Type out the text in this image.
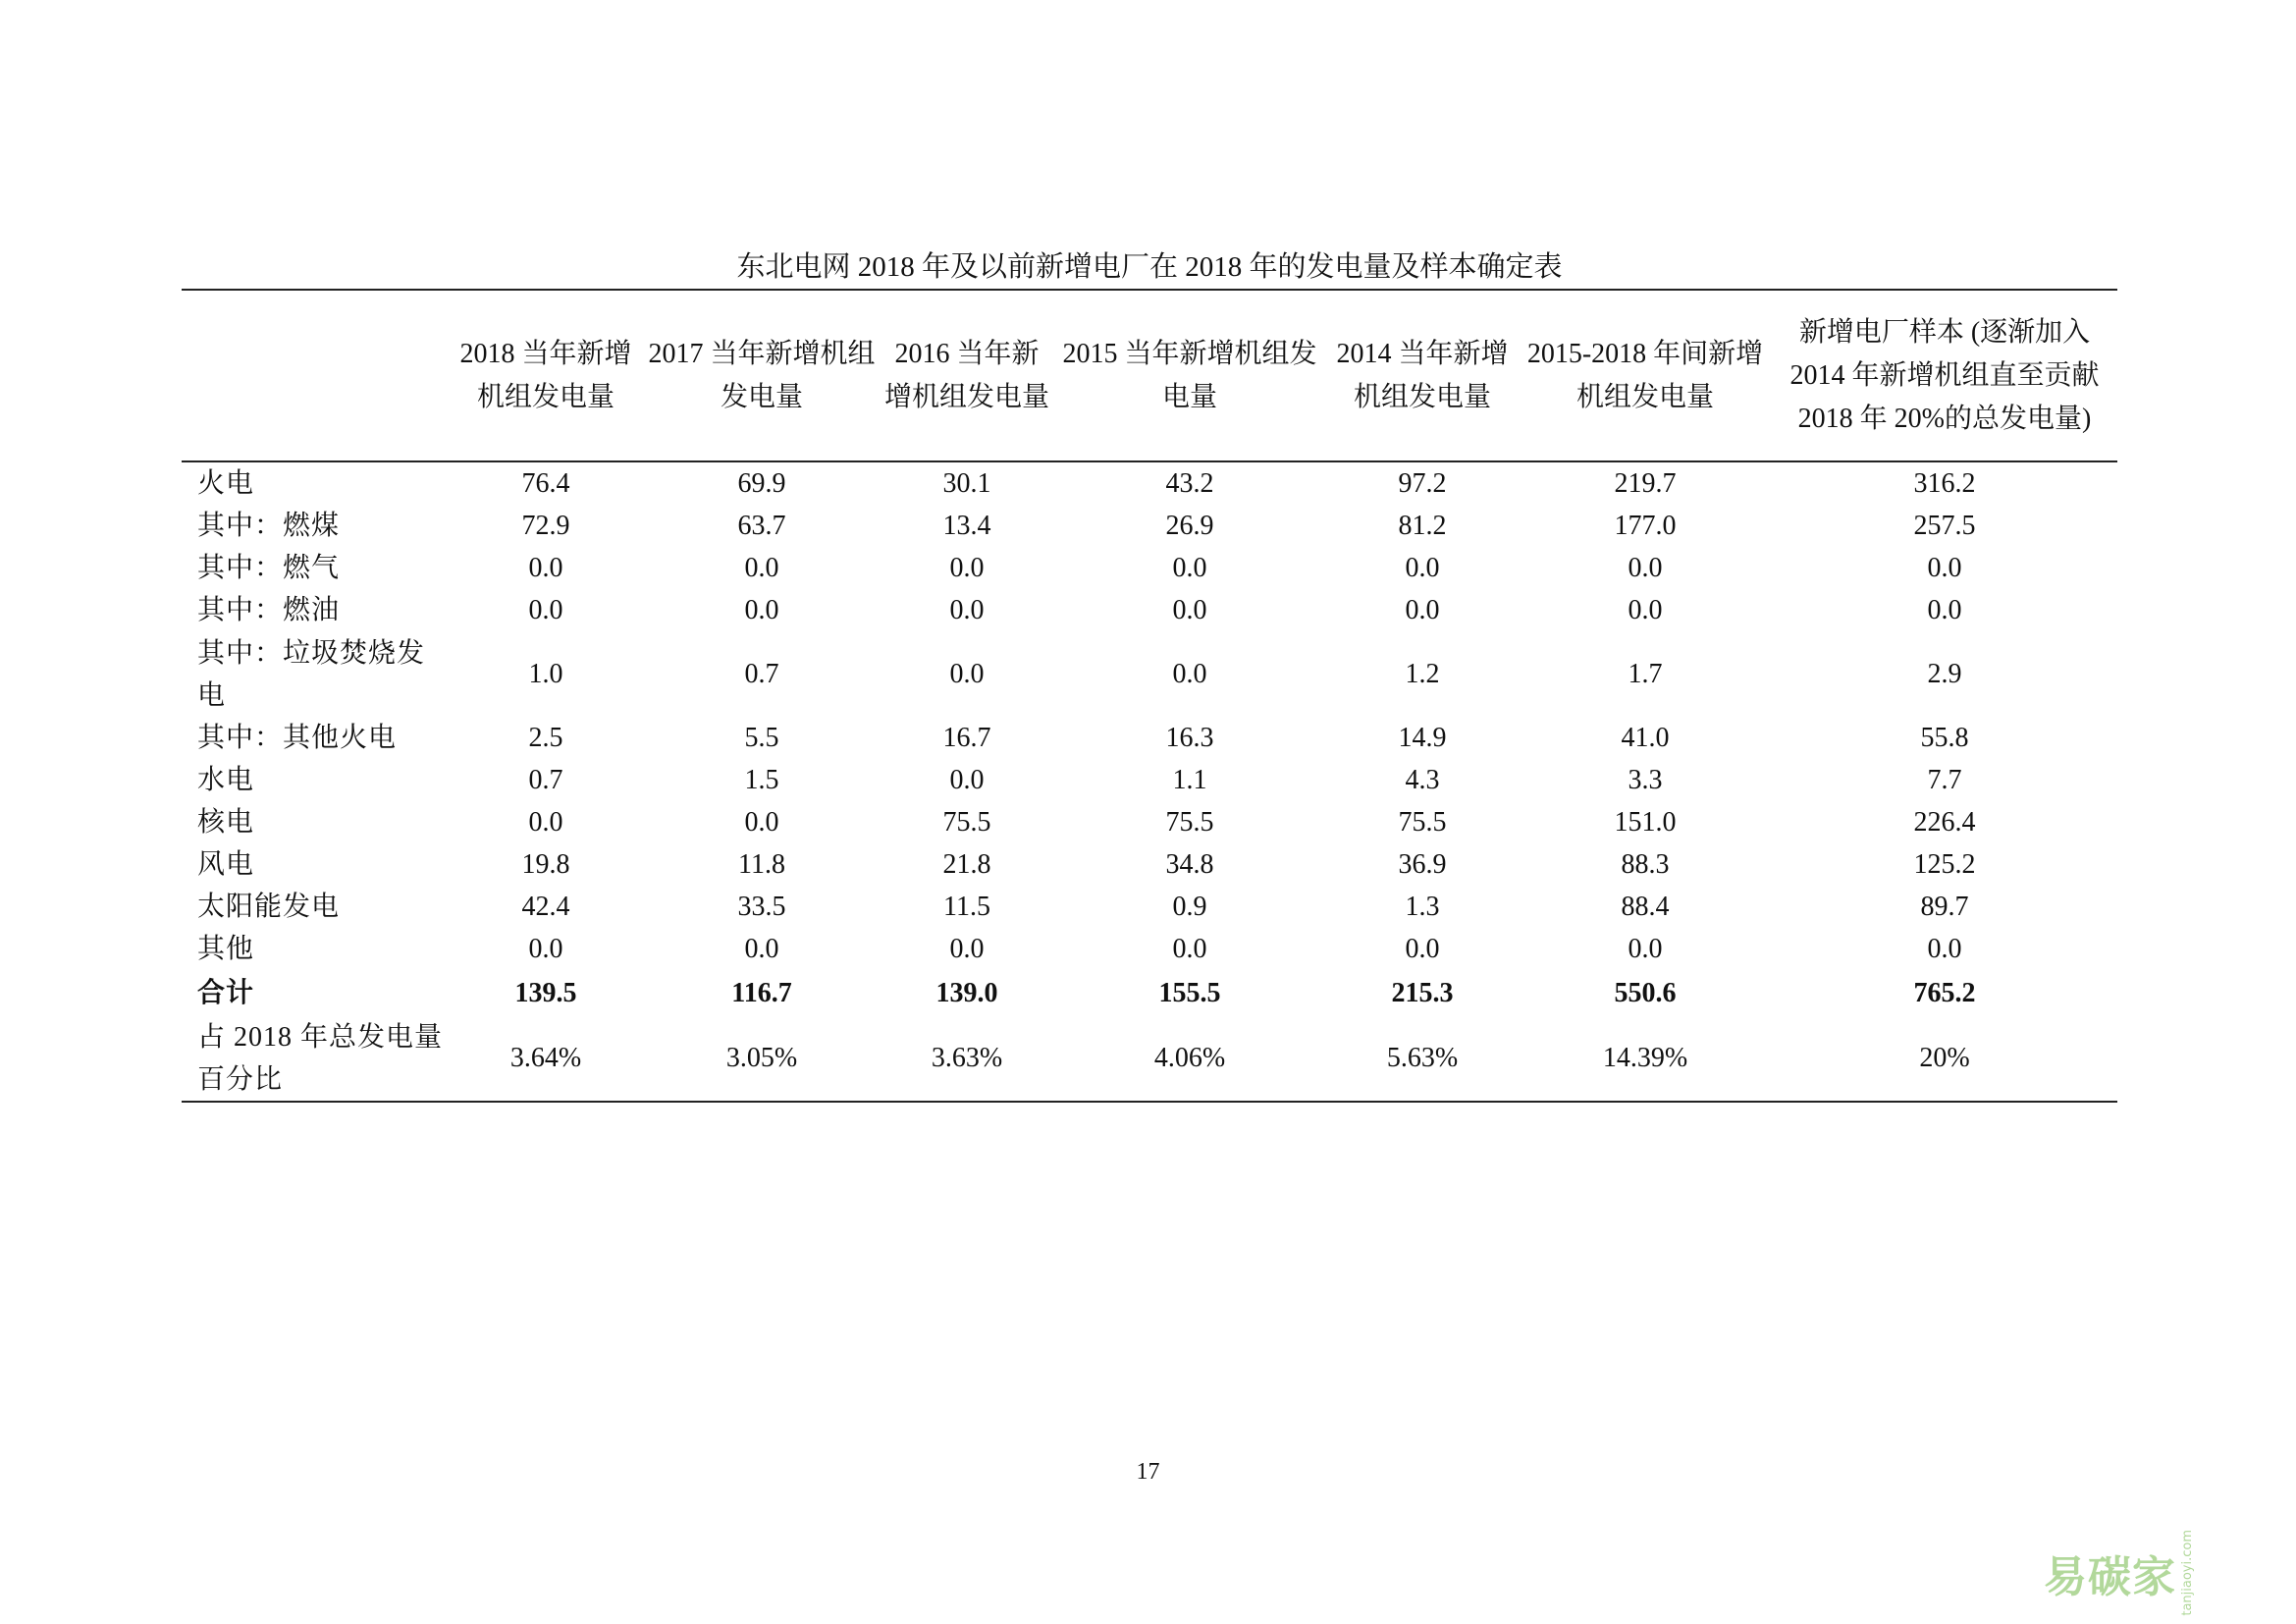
东北电网 2018 年及以前新增电厂在 2018 年的发电量及样本确定表
	2018 当年新增机组发电量	2017 当年新增机组发电量	2016 当年新增机组发电量	2015 当年新增机组发电量	2014 当年新增机组发电量	2015-2018 年间新增机组发电量	新增电厂样本 (逐渐加入 2014 年新增机组直至贡献 2018 年 20%的总发电量)
火电	76.4	69.9	30.1	43.2	97.2	219.7	316.2
其中：燃煤	72.9	63.7	13.4	26.9	81.2	177.0	257.5
其中：燃气	0.0	0.0	0.0	0.0	0.0	0.0	0.0
其中：燃油	0.0	0.0	0.0	0.0	0.0	0.0	0.0
其中：垃圾焚烧发电	1.0	0.7	0.0	0.0	1.2	1.7	2.9
其中：其他火电	2.5	5.5	16.7	16.3	14.9	41.0	55.8
水电	0.7	1.5	0.0	1.1	4.3	3.3	7.7
核电	0.0	0.0	75.5	75.5	75.5	151.0	226.4
风电	19.8	11.8	21.8	34.8	36.9	88.3	125.2
太阳能发电	42.4	33.5	11.5	0.9	1.3	88.4	89.7
其他	0.0	0.0	0.0	0.0	0.0	0.0	0.0
合计	139.5	116.7	139.0	155.5	215.3	550.6	765.2
占 2018 年总发电量百分比	3.64%	3.05%	3.63%	4.06%	5.63%	14.39%	20%
17
易碳家 tanjiaoyi.com
